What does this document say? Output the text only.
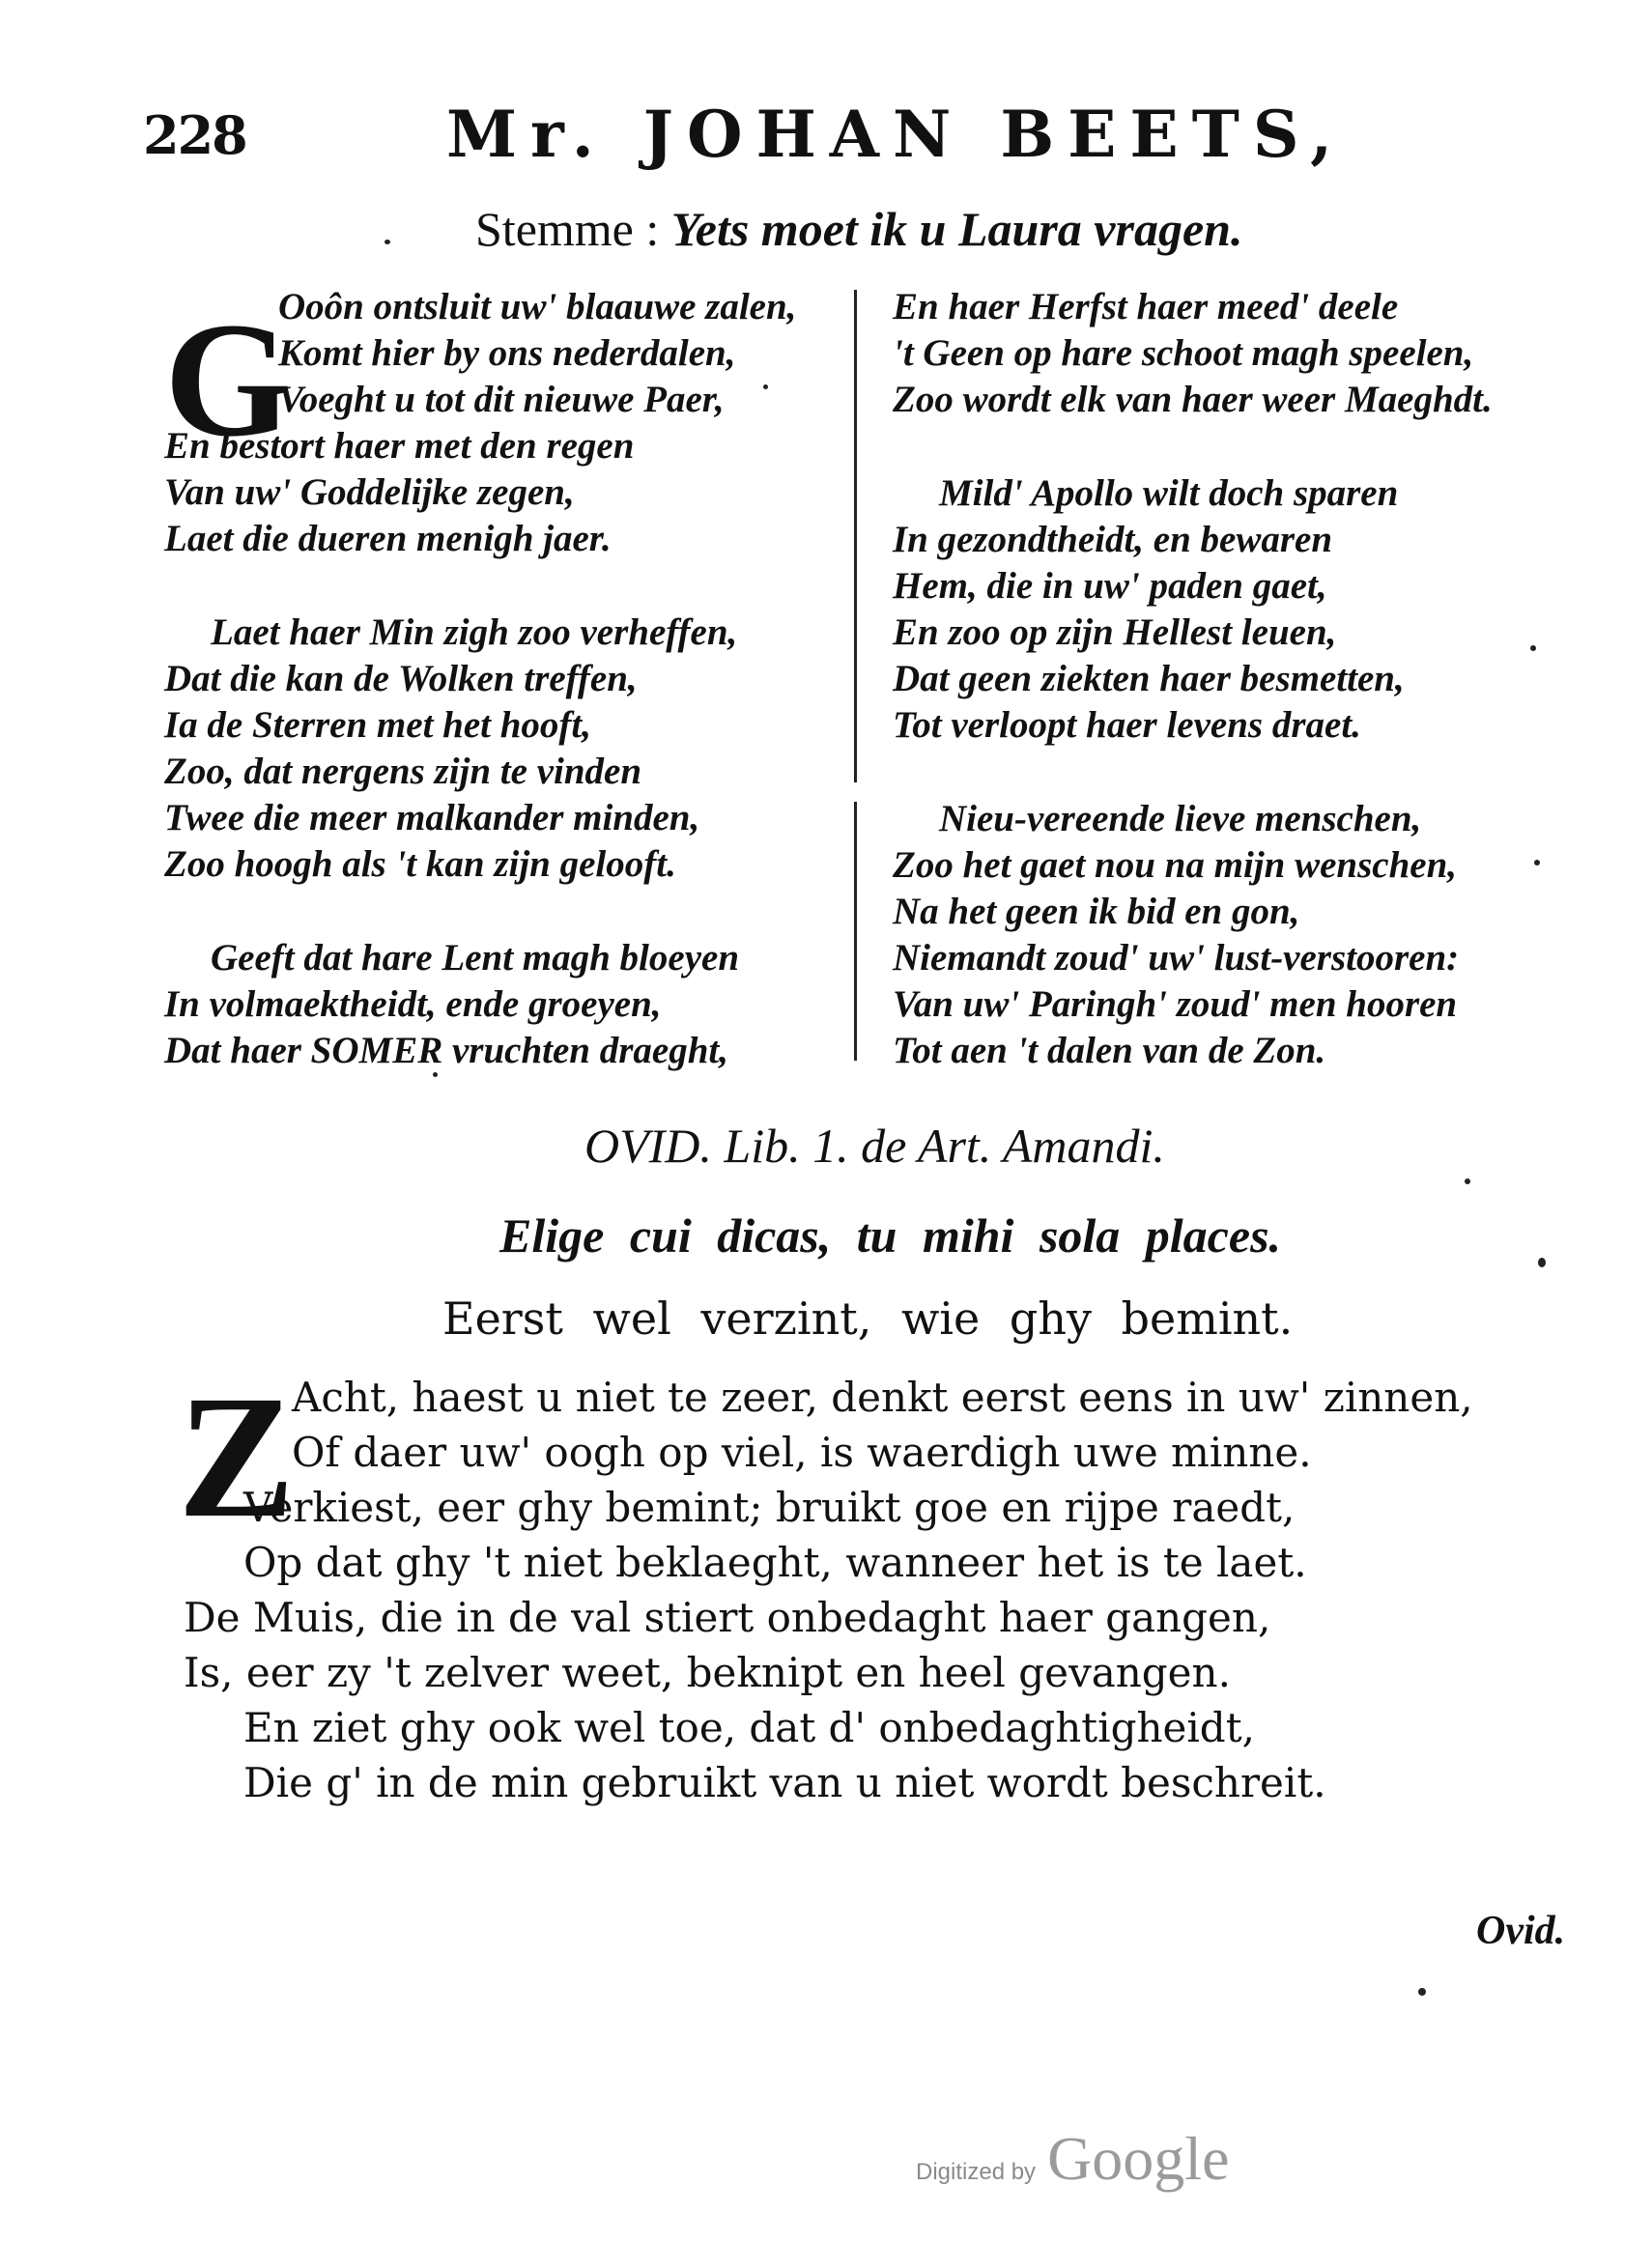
228	Mr. JOHAN BEETS,
Stemme : Yets moet ik u Laura vragen.
G
Ooôn ontsluit uw' blaauwe zalen,
Komt hier by ons nederdalen,
Voeght u tot dit nieuwe Paer,
En bestort haer met den regen
Van uw' Goddelijke zegen,
Laet die dueren menigh jaer.
Laet haer Min zigh zoo verheffen,
Dat die kan de Wolken treffen,
Ia de Sterren met het hooft,
Zoo, dat nergens zijn te vinden
Twee die meer malkander minden,
Zoo hoogh als 't kan zijn gelooft.
Geeft dat hare Lent magh bloeyen
In volmaektheidt, ende groeyen,
Dat haer SOMER vruchten draeght,
En haer Herfst haer meed' deele
't Geen op hare schoot magh speelen,
Zoo wordt elk van haer weer Maeghdt.
Mild' Apollo wilt doch sparen
In gezondtheidt, en bewaren
Hem, die in uw' paden gaet,
En zoo op zijn Hellest leuen,
Dat geen ziekten haer besmetten,
Tot verloopt haer levens draet.
Nieu-vereende lieve menschen,
Zoo het gaet nou na mijn wenschen,
Na het geen ik bid en gon,
Niemandt zoud' uw' lust-verstooren:
Van uw' Paringh' zoud' men hooren
Tot aen 't dalen van de Zon.
OVID. Lib. 1. de Art. Amandi.
Elige cui dicas, tu mihi sola places.
Eerst wel verzint, wie ghy bemint.
Z
Acht, haest u niet te zeer, denkt eerst eens in uw' zinnen,
Of daer uw' oogh op viel, is waerdigh uwe minne.
Verkiest, eer ghy bemint; bruikt goe en rijpe raedt,
Op dat ghy 't niet beklaeght, wanneer het is te laet.
De Muis, die in de val stiert onbedaght haer gangen,
Is, eer zy 't zelver weet, beknipt en heel gevangen.
En ziet ghy ook wel toe, dat d' onbedaghtigheidt,
Die g' in de min gebruikt van u niet wordt beschreit.
Ovid.
Digitized by Google
